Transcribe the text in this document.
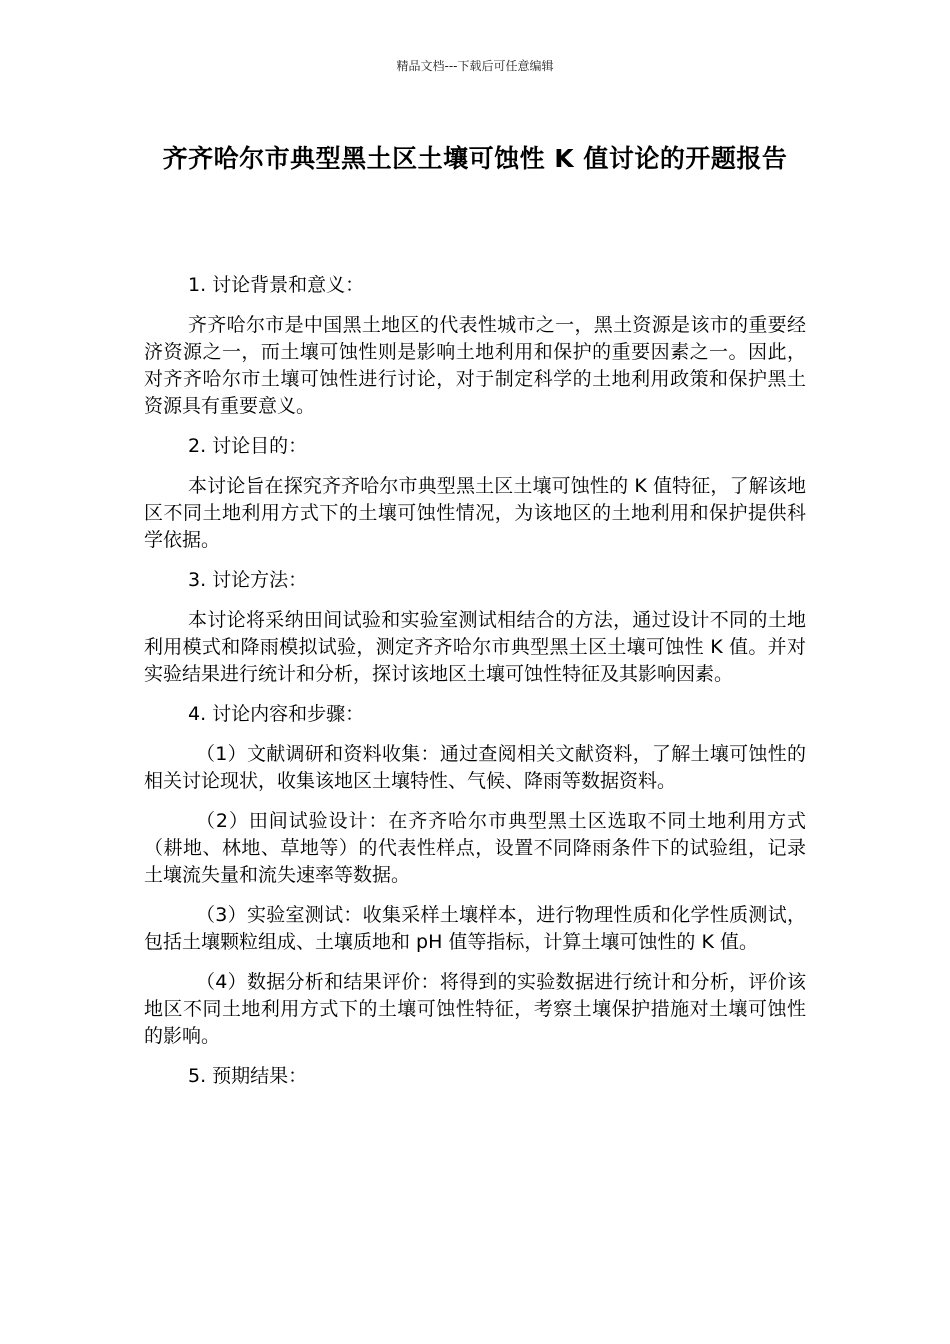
精品文档---下载后可任意编辑
齐齐哈尔市典型黑土区土壤可蚀性 K 值讨论的开题报告

1. 讨论背景和意义：

齐齐哈尔市是中国黑土地区的代表性城市之一，黑土资源是该市的重要经济资源之一，而土壤可蚀性则是影响土地利用和保护的重要因素之一。因此，对齐齐哈尔市土壤可蚀性进行讨论，对于制定科学的土地利用政策和保护黑土资源具有重要意义。

2. 讨论目的：

本讨论旨在探究齐齐哈尔市典型黑土区土壤可蚀性的 K 值特征，了解该地区不同土地利用方式下的土壤可蚀性情况，为该地区的土地利用和保护提供科学依据。

3. 讨论方法：

本讨论将采纳田间试验和实验室测试相结合的方法，通过设计不同的土地利用模式和降雨模拟试验，测定齐齐哈尔市典型黑土区土壤可蚀性 K 值。并对实验结果进行统计和分析，探讨该地区土壤可蚀性特征及其影响因素。

4. 讨论内容和步骤：

（1）文献调研和资料收集：通过查阅相关文献资料，了解土壤可蚀性的相关讨论现状，收集该地区土壤特性、气候、降雨等数据资料。

（2）田间试验设计：在齐齐哈尔市典型黑土区选取不同土地利用方式（耕地、林地、草地等）的代表性样点，设置不同降雨条件下的试验组，记录土壤流失量和流失速率等数据。

（3）实验室测试：收集采样土壤样本，进行物理性质和化学性质测试，包括土壤颗粒组成、土壤质地和 pH 值等指标，计算土壤可蚀性的 K 值。

（4）数据分析和结果评价：将得到的实验数据进行统计和分析，评价该地区不同土地利用方式下的土壤可蚀性特征，考察土壤保护措施对土壤可蚀性的影响。

5. 预期结果：
